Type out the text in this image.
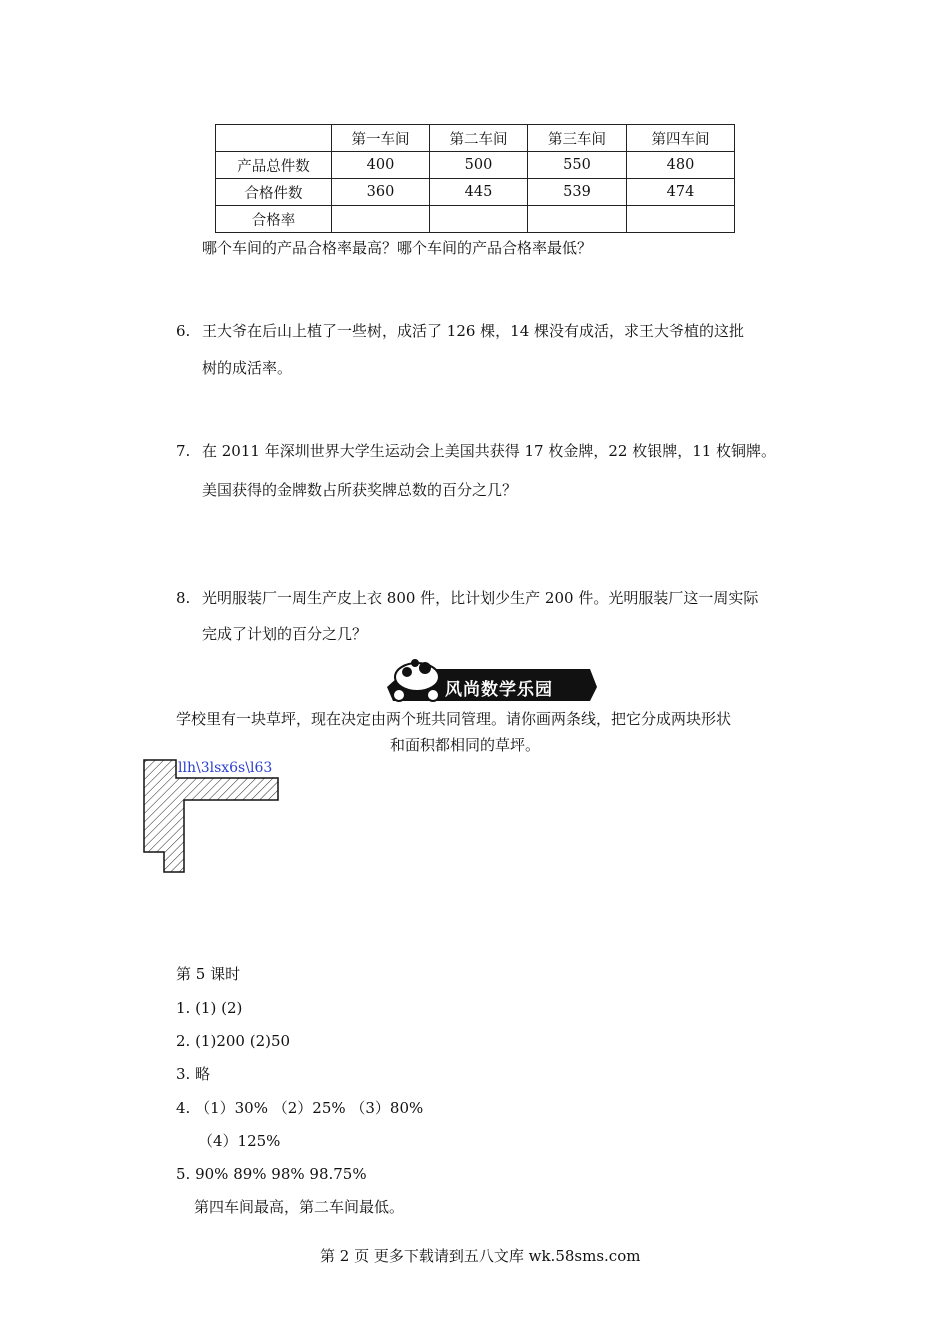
	第一车间	第二车间	第三车间	第四车间
产品总件数	400	500	550	480
合格件数	360	445	539	474
合格率				
哪个车间的产品合格率最高？哪个车间的产品合格率最低？
6. 王大爷在后山上植了一些树，成活了 126 棵，14 棵没有成活，求王大爷植的这批
树的成活率。
7. 在 2011 年深圳世界大学生运动会上美国共获得 17 枚金牌，22 枚银牌，11 枚铜牌。
美国获得的金牌数占所获奖牌总数的百分之几？
8. 光明服装厂一周生产皮上衣 800 件，比计划少生产 200 件。光明服装厂这一周实际
完成了计划的百分之几？
风尚数学乐园
学校里有一块草坪，现在决定由两个班共同管理。请你画两条线，把它分成两块形状
和面积都相同的草坪。
llh\3lsx6s\l63
第 5 课时
1. (1) (2)
2. (1)200 (2)50
3. 略
4. （1）30% （2）25% （3）80%
（4）125%
5. 90% 89% 98% 98.75%
第四车间最高，第二车间最低。
第 2 页 更多下载请到五八文库 wk.58sms.com
